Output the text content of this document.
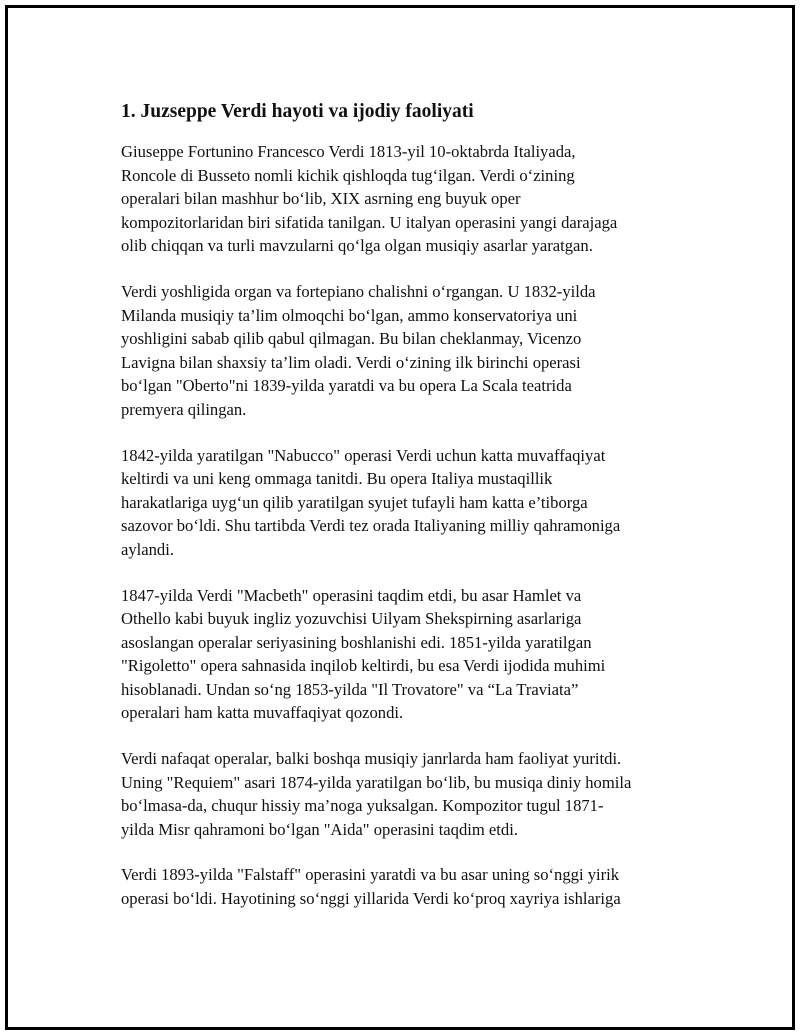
1. Juzseppe Verdi hayoti va ijodiy faoliyati

Giuseppe Fortunino Francesco Verdi 1813-yil 10-oktabrda Italiyada,
Roncole di Busseto nomli kichik qishloqda tug‘ilgan. Verdi o‘zining
operalari bilan mashhur bo‘lib, XIX asrning eng buyuk oper
kompozitorlaridan biri sifatida tanilgan. U italyan operasini yangi darajaga
olib chiqqan va turli mavzularni qo‘lga olgan musiqiy asarlar yaratgan.

Verdi yoshligida organ va fortepiano chalishni o‘rgangan. U 1832-yilda
Milanda musiqiy ta’lim olmoqchi bo‘lgan, ammo konservatoriya uni
yoshligini sabab qilib qabul qilmagan. Bu bilan cheklanmay, Vicenzo
Lavigna bilan shaxsiy ta’lim oladi. Verdi o‘zining ilk birinchi operasi
bo‘lgan "Oberto"ni 1839-yilda yaratdi va bu opera La Scala teatrida
premyera qilingan.

1842-yilda yaratilgan "Nabucco" operasi Verdi uchun katta muvaffaqiyat
keltirdi va uni keng ommaga tanitdi. Bu opera Italiya mustaqillik
harakatlariga uyg‘un qilib yaratilgan syujet tufayli ham katta e’tiborga
sazovor bo‘ldi. Shu tartibda Verdi tez orada Italiyaning milliy qahramoniga
aylandi.

1847-yilda Verdi "Macbeth" operasini taqdim etdi, bu asar Hamlet va
Othello kabi buyuk ingliz yozuvchisi Uilyam Shekspirning asarlariga
asoslangan operalar seriyasining boshlanishi edi. 1851-yilda yaratilgan
"Rigoletto" opera sahnasida inqilob keltirdi, bu esa Verdi ijodida muhimi
hisoblanadi. Undan so‘ng 1853-yilda "Il Trovatore" va “La Traviata”
operalari ham katta muvaffaqiyat qozondi.

Verdi nafaqat operalar, balki boshqa musiqiy janrlarda ham faoliyat yuritdi.
Uning "Requiem" asari 1874-yilda yaratilgan bo‘lib, bu musiqa diniy homila
bo‘lmasa-da, chuqur hissiy ma’noga yuksalgan. Kompozitor tugul 1871-
yilda Misr qahramoni bo‘lgan "Aida" operasini taqdim etdi.

Verdi 1893-yilda "Falstaff" operasini yaratdi va bu asar uning so‘nggi yirik
operasi bo‘ldi. Hayotining so‘nggi yillarida Verdi ko‘proq xayriya ishlariga
